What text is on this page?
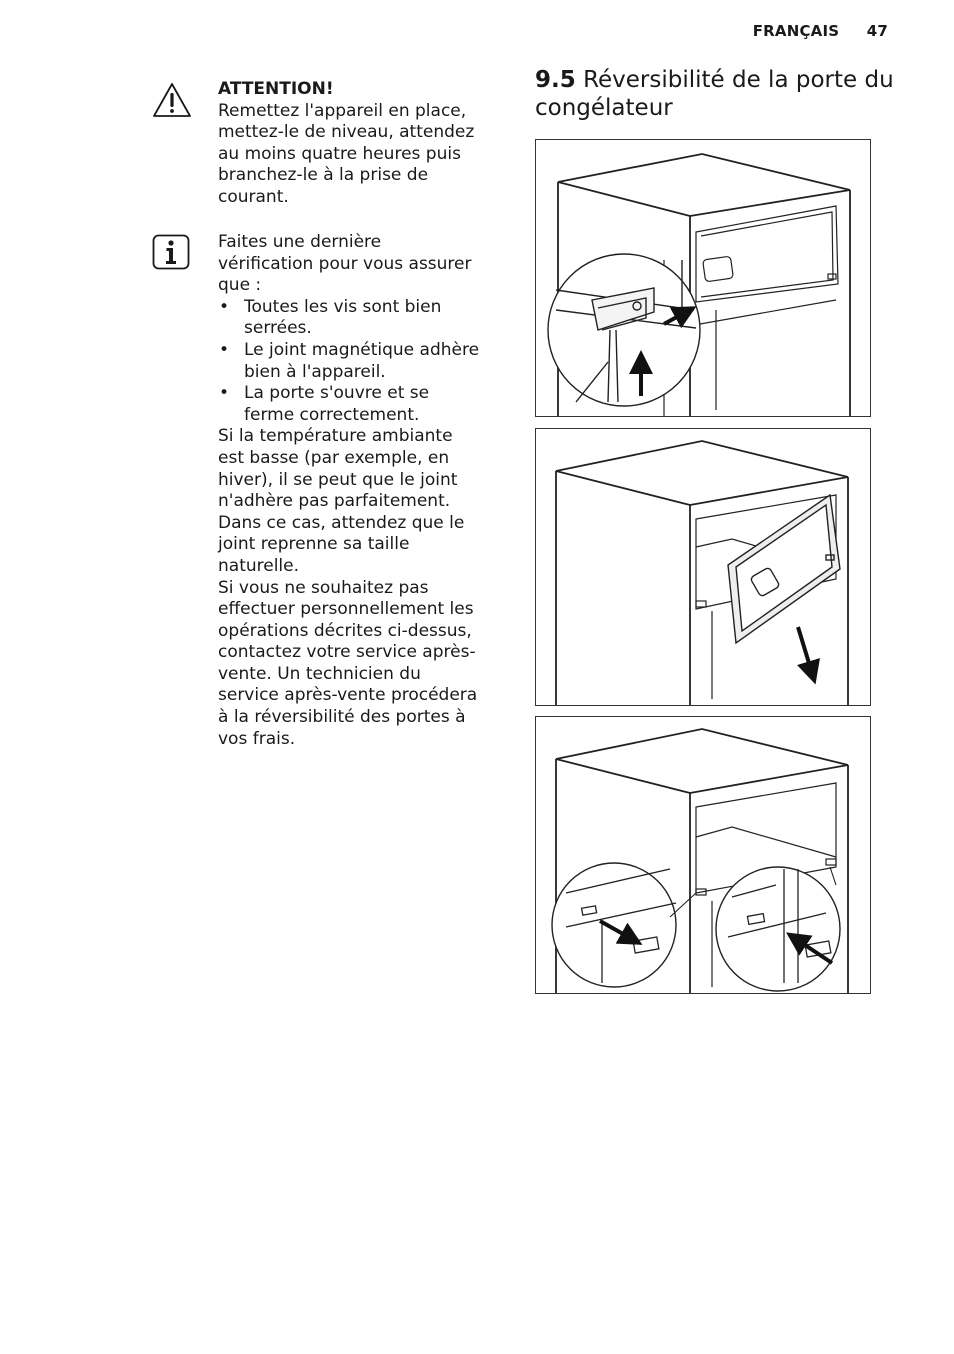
FRANÇAIS 47
ATTENTION!
Remettez l'appareil en place, mettez-le de niveau, attendez au moins quatre heures puis branchez-le à la prise de courant.
Faites une dernière vérification pour vous assurer que :
• Toutes les vis sont bien serrées.
• Le joint magnétique adhère bien à l'appareil.
• La porte s'ouvre et se ferme correctement.
Si la température ambiante est basse (par exemple, en hiver), il se peut que le joint n'adhère pas parfaitement. Dans ce cas, attendez que le joint reprenne sa taille naturelle.
Si vous ne souhaitez pas effectuer personnellement les opérations décrites ci-dessus, contactez votre service après-vente. Un technicien du service après-vente procédera à la réversibilité des portes à vos frais.
9.5 Réversibilité de la porte du congélateur
